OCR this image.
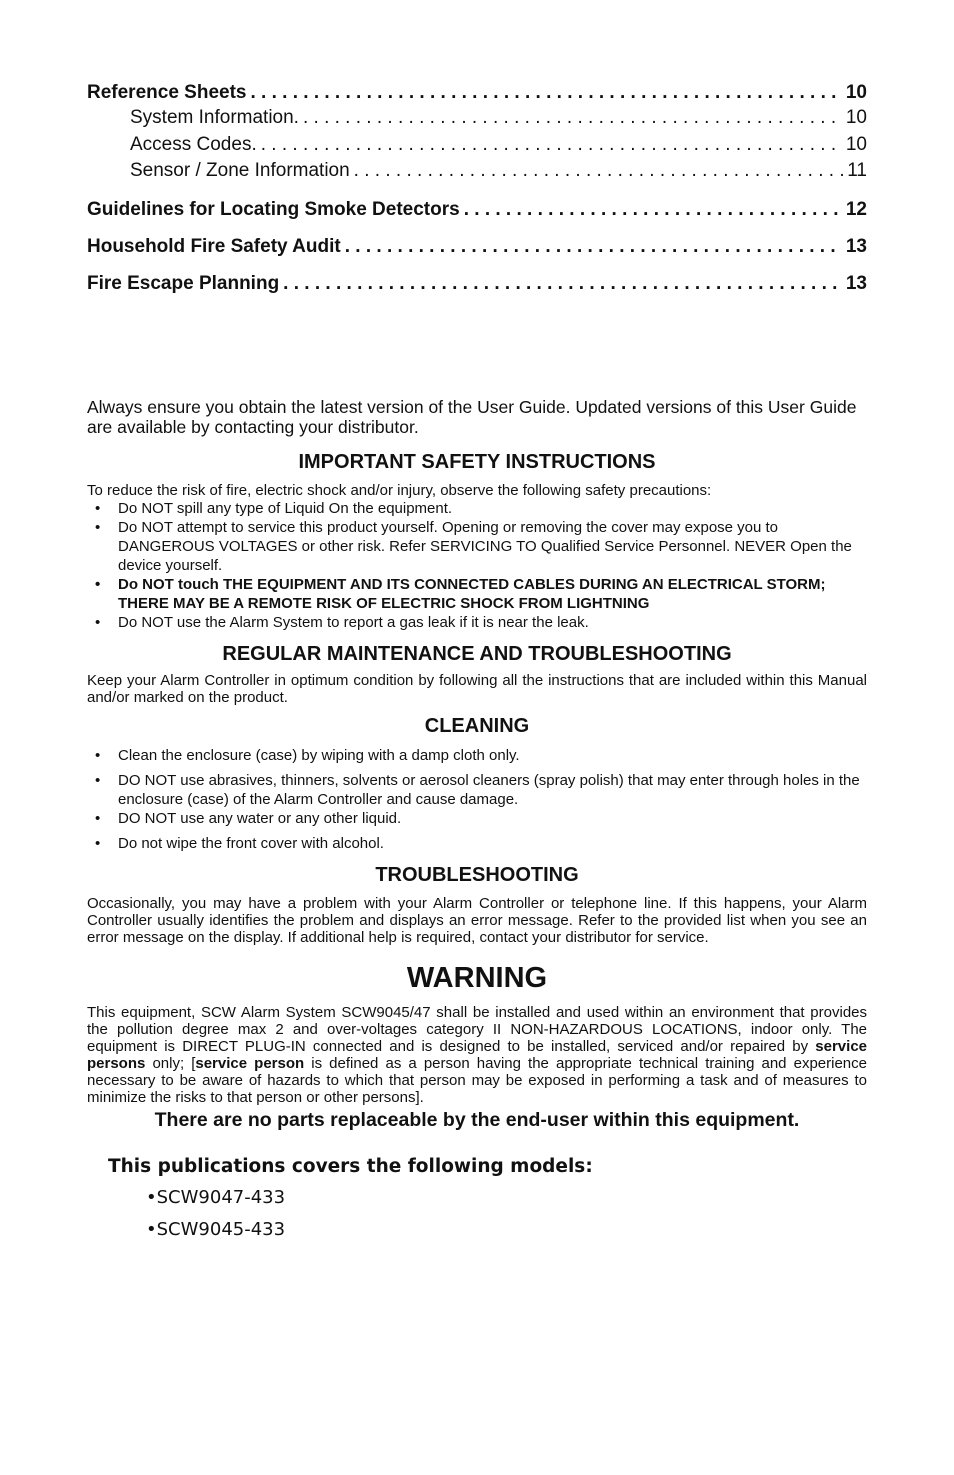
Reference Sheets . . .	10
System Information. . . .	10
Access Codes. . . .	10
Sensor / Zone Information . . .	11
Guidelines for Locating Smoke Detectors . . .	12
Household Fire Safety Audit . . .	13
Fire Escape Planning . . .	13
Always ensure you obtain the latest version of the User Guide. Updated versions of this User Guide are available by contacting your distributor.
IMPORTANT SAFETY INSTRUCTIONS
To reduce the risk of fire, electric shock and/or injury, observe the following safety precautions:
• Do NOT spill any type of Liquid On the equipment.
• Do NOT attempt to service this product yourself. Opening or removing the cover may expose you to DANGEROUS VOLTAGES or other risk. Refer SERVICING TO Qualified Service Personnel. NEVER Open the device yourself.
• Do NOT touch THE EQUIPMENT AND ITS CONNECTED CABLES DURING AN ELECTRICAL STORM; THERE MAY BE A REMOTE RISK OF ELECTRIC SHOCK FROM LIGHTNING
• Do NOT use the Alarm System to report a gas leak if it is near the leak.
REGULAR MAINTENANCE AND TROUBLESHOOTING
Keep your Alarm Controller in optimum condition by following all the instructions that are included within this Manual and/or marked on the product.
CLEANING
• Clean the enclosure (case) by wiping with a damp cloth only.
• DO NOT use abrasives, thinners, solvents or aerosol cleaners (spray polish) that may enter through holes in the enclosure (case) of the Alarm Controller and cause damage.
• DO NOT use any water or any other liquid.
• Do not wipe the front cover with alcohol.
TROUBLESHOOTING
Occasionally, you may have a problem with your Alarm Controller or telephone line. If this happens, your Alarm Controller usually identifies the problem and displays an error message. Refer to the provided list when you see an error message on the display. If additional help is required, contact your distributor for service.
WARNING
This equipment, SCW Alarm System SCW9045/47 shall be installed and used within an environment that provides the pollution degree max 2 and over-voltages category II NON-HAZARDOUS LOCATIONS, indoor only. The equipment is DIRECT PLUG-IN connected and is designed to be installed, serviced and/or repaired by service persons only; [service person is defined as a person having the appropriate technical training and experience necessary to be aware of hazards to which that person may be exposed in performing a task and of measures to minimize the risks to that person or other persons].
There are no parts replaceable by the end-user within this equipment.
This publications covers the following models:
•SCW9047-433
•SCW9045-433
